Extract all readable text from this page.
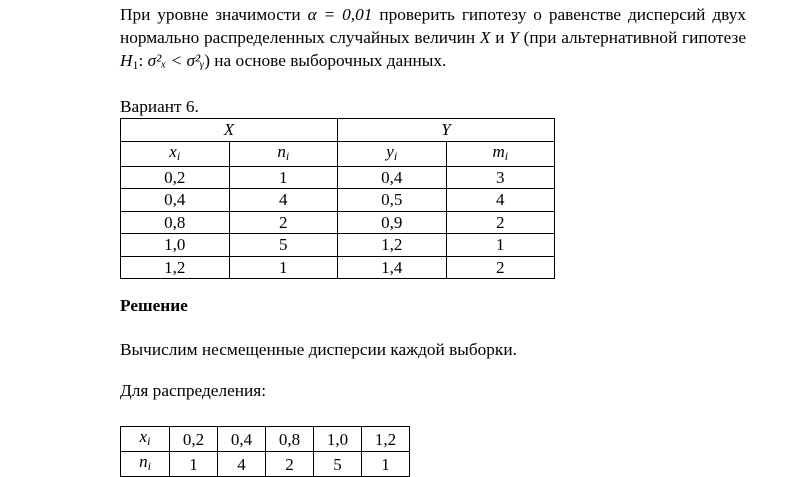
При уровне значимости α = 0,01 проверить гипотезу о равенстве дисперсий двух нормально распределенных случайных величин X и Y (при альтернативной гипотезе $H_1$: σ²ₓ < σ²ᵧ) на основе выборочных данных.

Вариант 6.
X		Y	
$x_i$	$n_i$	$y_i$	$m_i$
0,2	1	0,4	3
0,4	4	0,5	4
0,8	2	0,9	2
1,0	5	1,2	1
1,2	1	1,4	2
Решение
Вычислим несмещенные дисперсии каждой выборки.
Для распределения:
$x_i$	0,2	0,4	0,8	1,0	1,2
$n_i$	1	4	2	5	1
